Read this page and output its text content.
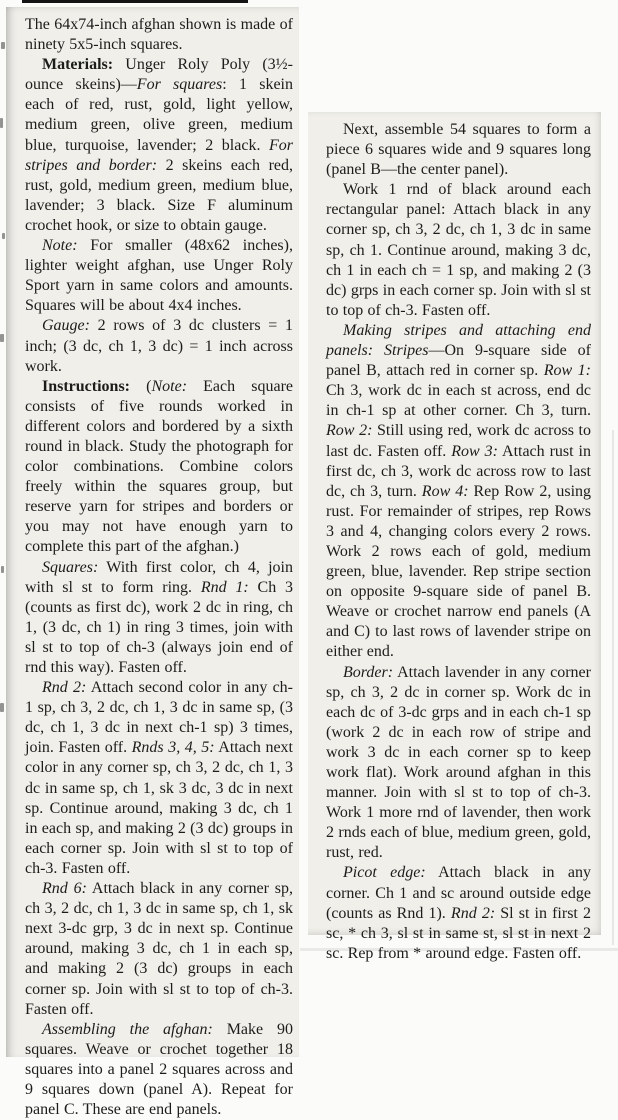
The 64x74-inch afghan shown is made of ninety 5x5-inch squares.

Materials: Unger Roly Poly (3½-ounce skeins)—For squares: 1 skein each of red, rust, gold, light yellow, medium green, olive green, medium blue, turquoise, lavender; 2 black. For stripes and border: 2 skeins each red, rust, gold, medium green, medium blue, lavender; 3 black. Size F aluminum crochet hook, or size to obtain gauge.

Note: For smaller (48x62 inches), lighter weight afghan, use Unger Roly Sport yarn in same colors and amounts. Squares will be about 4x4 inches.

Gauge: 2 rows of 3 dc clusters = 1 inch; (3 dc, ch 1, 3 dc) = 1 inch across work.

Instructions: (Note: Each square consists of five rounds worked in different colors and bordered by a sixth round in black. Study the photograph for color combinations. Combine colors freely within the squares group, but reserve yarn for stripes and borders or you may not have enough yarn to complete this part of the afghan.)

Squares: With first color, ch 4, join with sl st to form ring. Rnd 1: Ch 3 (counts as first dc), work 2 dc in ring, ch 1, (3 dc, ch 1) in ring 3 times, join with sl st to top of ch-3 (always join end of rnd this way). Fasten off.

Rnd 2: Attach second color in any ch-1 sp, ch 3, 2 dc, ch 1, 3 dc in same sp, (3 dc, ch 1, 3 dc in next ch-1 sp) 3 times, join. Fasten off. Rnds 3, 4, 5: Attach next color in any corner sp, ch 3, 2 dc, ch 1, 3 dc in same sp, ch 1, sk 3 dc, 3 dc in next sp. Continue around, making 3 dc, ch 1 in each sp, and making 2 (3 dc) groups in each corner sp. Join with sl st to top of ch-3. Fasten off.

Rnd 6: Attach black in any corner sp, ch 3, 2 dc, ch 1, 3 dc in same sp, ch 1, sk next 3-dc grp, 3 dc in next sp. Continue around, making 3 dc, ch 1 in each sp, and making 2 (3 dc) groups in each corner sp. Join with sl st to top of ch-3. Fasten off.

Assembling the afghan: Make 90 squares. Weave or crochet together 18 squares into a panel 2 squares across and 9 squares down (panel A). Repeat for panel C. These are end panels.

Next, assemble 54 squares to form a piece 6 squares wide and 9 squares long (panel B—the center panel).

Work 1 rnd of black around each rectangular panel: Attach black in any corner sp, ch 3, 2 dc, ch 1, 3 dc in same sp, ch 1. Continue around, making 3 dc, ch 1 in each ch = 1 sp, and making 2 (3 dc) grps in each corner sp. Join with sl st to top of ch-3. Fasten off.

Making stripes and attaching end panels: Stripes—On 9-square side of panel B, attach red in corner sp. Row 1: Ch 3, work dc in each st across, end dc in ch-1 sp at other corner. Ch 3, turn. Row 2: Still using red, work dc across to last dc. Fasten off. Row 3: Attach rust in first dc, ch 3, work dc across row to last dc, ch 3, turn. Row 4: Rep Row 2, using rust. For remainder of stripes, rep Rows 3 and 4, changing colors every 2 rows. Work 2 rows each of gold, medium green, blue, lavender. Rep stripe section on opposite 9-square side of panel B. Weave or crochet narrow end panels (A and C) to last rows of lavender stripe on either end.

Border: Attach lavender in any corner sp, ch 3, 2 dc in corner sp. Work dc in each dc of 3-dc grps and in each ch-1 sp (work 2 dc in each row of stripe and work 3 dc in each corner sp to keep work flat). Work around afghan in this manner. Join with sl st to top of ch-3. Work 1 more rnd of lavender, then work 2 rnds each of blue, medium green, gold, rust, red.

Picot edge: Attach black in any corner. Ch 1 and sc around outside edge (counts as Rnd 1). Rnd 2: Sl st in first 2 sc, * ch 3, sl st in same st, sl st in next 2 sc. Rep from * around edge. Fasten off.
